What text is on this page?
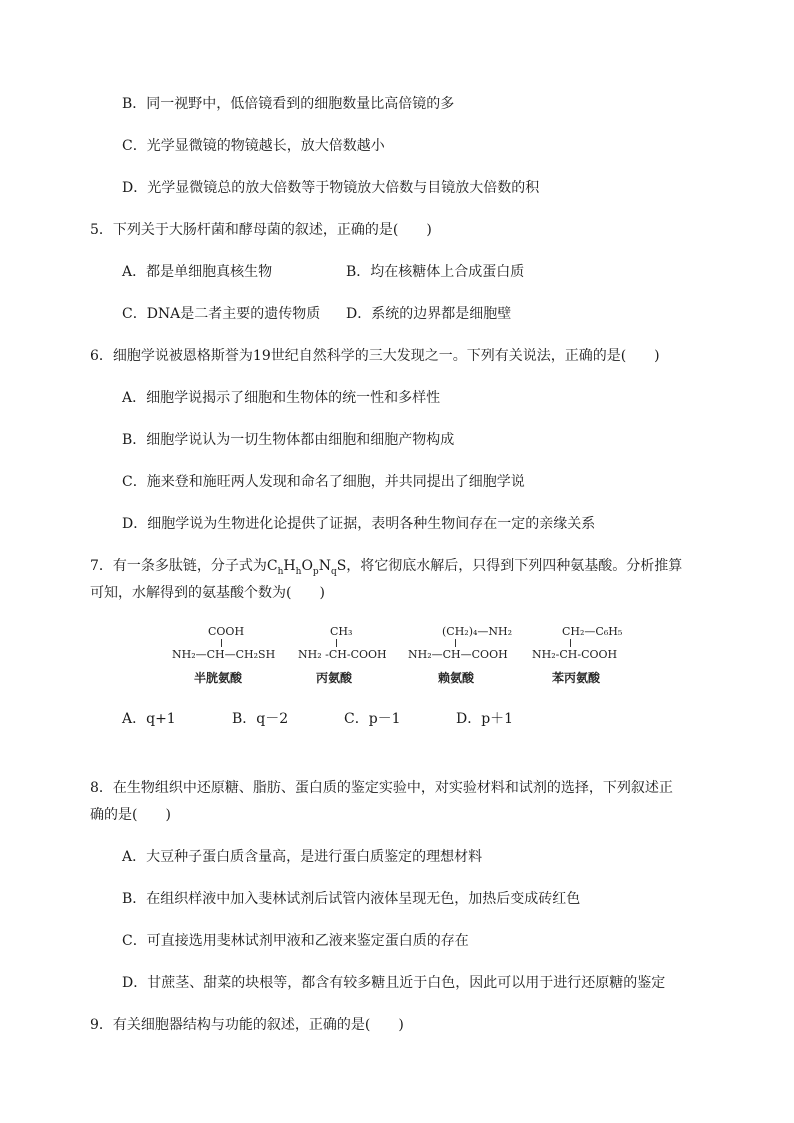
B．同一视野中，低倍镜看到的细胞数量比高倍镜的多
C．光学显微镜的物镜越长，放大倍数越小
D．光学显微镜总的放大倍数等于物镜放大倍数与目镜放大倍数的积
5．下列关于大肠杆菌和酵母菌的叙述，正确的是(　　)
A．都是单细胞真核生物	B．均在核糖体上合成蛋白质
C．DNA是二者主要的遗传物质 D．系统的边界都是细胞壁
6．细胞学说被恩格斯誉为19世纪自然科学的三大发现之一。下列有关说法，正确的是(　　)
A．细胞学说揭示了细胞和生物体的统一性和多样性
B．细胞学说认为一切生物体都由细胞和细胞产物构成
C．施来登和施旺两人发现和命名了细胞，并共同提出了细胞学说
D．细胞学说为生物进化论提供了证据，表明各种生物间存在一定的亲缘关系
7．有一条多肽链，分子式为$C_hH_hO_pN_qS$，将它彻底水解后，只得到下列四种氨基酸。分析推算
可知，水解得到的氨基酸个数为(　　)
COOH
NH₂—CH—CH₂SH
半胱氨酸
CH₃
NH₂ -CH-COOH
丙氨酸
(CH₂)₄—NH₂
NH₂—CH—COOH
赖氨酸
CH₂—C₆H₅
NH₂-CH-COOH
苯丙氨酸
A．q+1	B．q－2	C．p－1	D．p＋1
8．在生物组织中还原糖、脂肪、蛋白质的鉴定实验中，对实验材料和试剂的选择，下列叙述正
确的是(　　)
A．大豆种子蛋白质含量高，是进行蛋白质鉴定的理想材料
B．在组织样液中加入斐林试剂后试管内液体呈现无色，加热后变成砖红色
C．可直接选用斐林试剂甲液和乙液来鉴定蛋白质的存在
D．甘蔗茎、甜菜的块根等，都含有较多糖且近于白色，因此可以用于进行还原糖的鉴定
9．有关细胞器结构与功能的叙述，正确的是(　　)
